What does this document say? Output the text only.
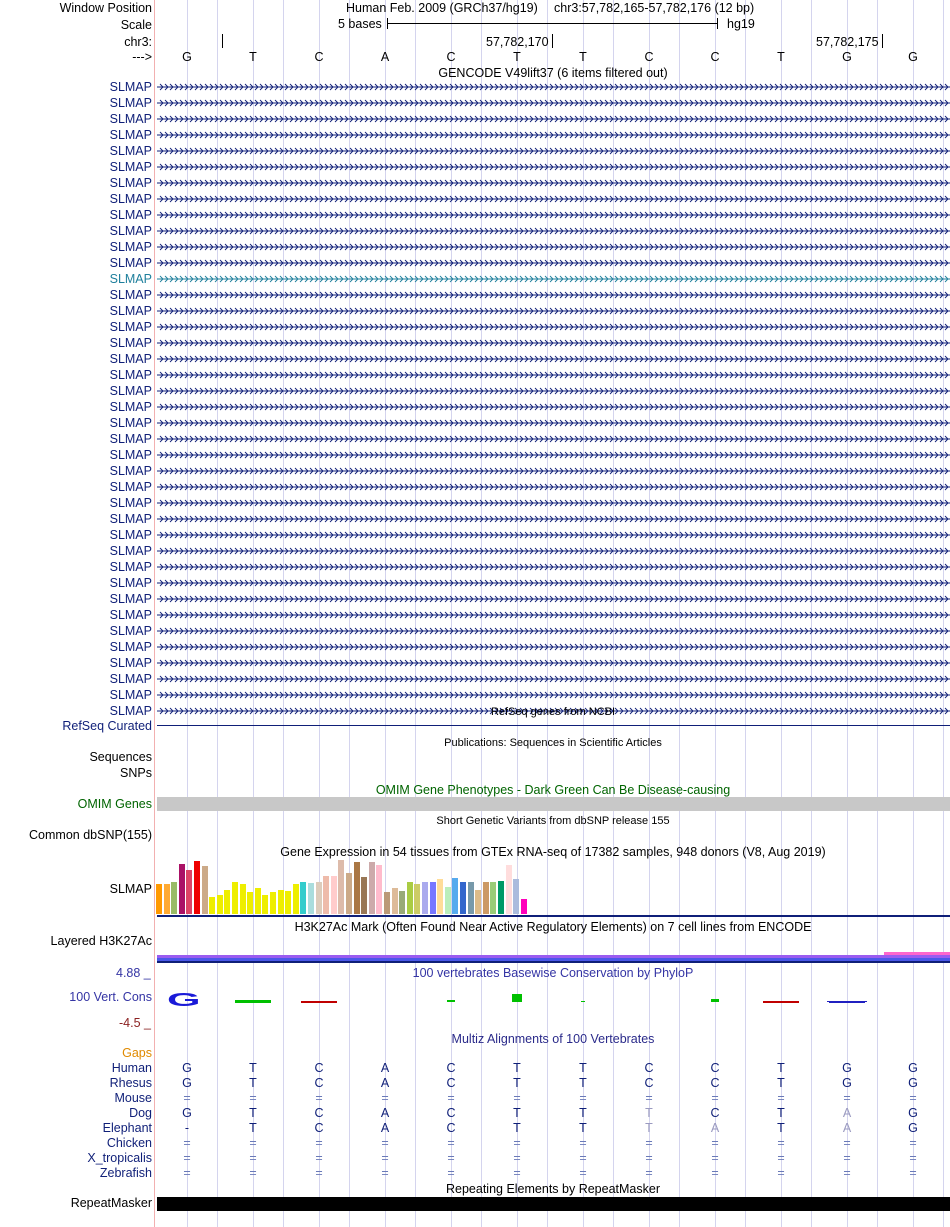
Window Position	Human Feb. 2009 (GRCh37/hg19) chr3:57,782,165-57,782,176 (12 bp)
Scale	5 bases	hg19
chr3:	57,782,170	57,782,175
--->	G	T	C	A	C	T	T	C	C	T	G	G
GENCODE V49lift37 (6 items filtered out)
SLMAP
SLMAP
SLMAP
SLMAP
SLMAP
SLMAP
SLMAP
SLMAP
SLMAP
SLMAP
SLMAP
SLMAP
SLMAP
SLMAP
SLMAP
SLMAP
SLMAP
SLMAP
SLMAP
SLMAP
SLMAP
SLMAP
SLMAP
SLMAP
SLMAP
SLMAP
SLMAP
SLMAP
SLMAP
SLMAP
SLMAP
SLMAP
SLMAP
SLMAP
SLMAP
SLMAP
SLMAP
SLMAP
SLMAP
SLMAP	RefSeq genes from NCBI
RefSeq Curated
Publications: Sequences in Scientific Articles
Sequences
SNPs
OMIM Gene Phenotypes - Dark Green Can Be Disease-causing
OMIM Genes
Short Genetic Variants from dbSNP release 155
Common dbSNP(155)
Gene Expression in 54 tissues from GTEx RNA-seq of 17382 samples, 948 donors (V8, Aug 2019)
SLMAP
H3K27Ac Mark (Often Found Near Active Regulatory Elements) on 7 cell lines from ENCODE
Layered H3K27Ac
4.88 _	100 vertebrates Basewise Conservation by PhyloP
100 Vert. Cons
-4.5 _
G
Multiz Alignments of 100 Vertebrates
Gaps
Human	G	T	C	A	C	T	T	C	C	T	G	G
Rhesus	G	T	C	A	C	T	T	C	C	T	G	G
Mouse	=	=	=	=	=	=	=	=	=	=	=	=
Dog	G	T	C	A	C	T	T	T	C	T	A	G
Elephant	-	T	C	A	C	T	T	T	A	T	A	G
Chicken	=	=	=	=	=	=	=	=	=	=	=	=
X_tropicalis	=	=	=	=	=	=	=	=	=	=	=	=
Zebrafish	=	=	=	=	=	=	=	=	=	=	=	=
Repeating Elements by RepeatMasker
RepeatMasker
